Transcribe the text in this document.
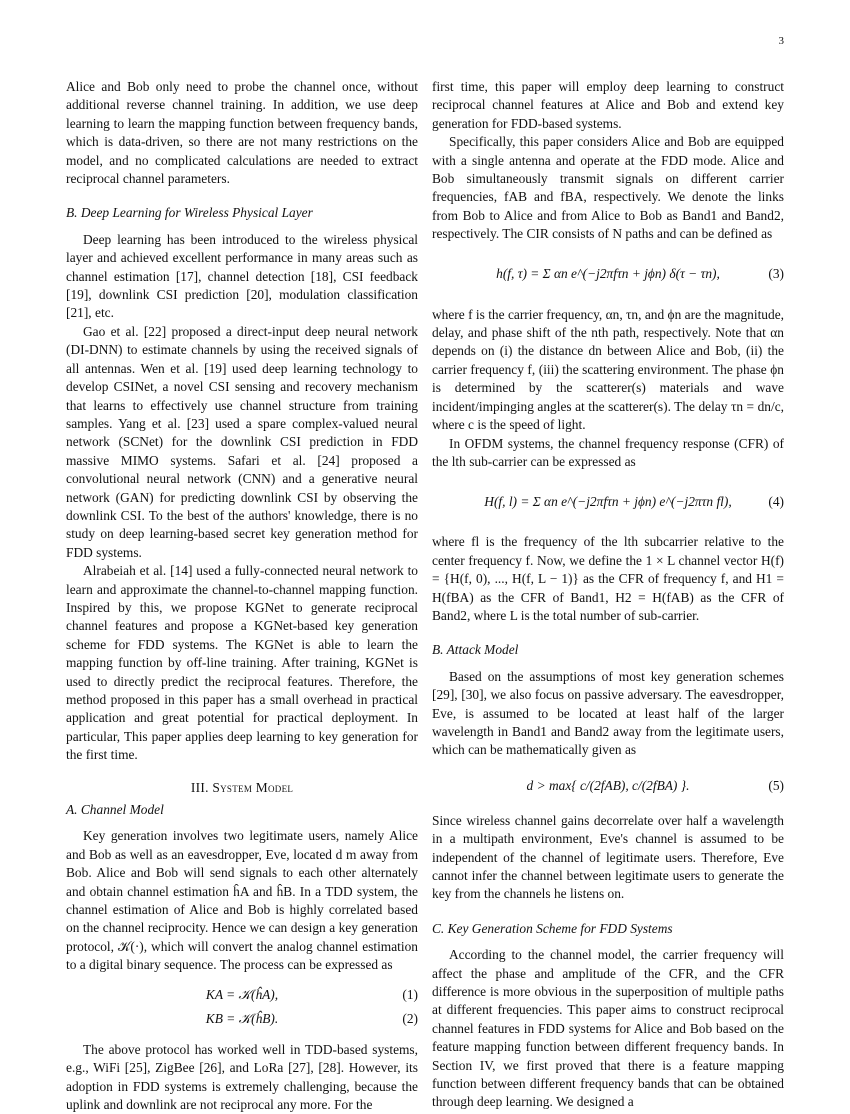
3

Alice and Bob only need to probe the channel once, without additional reverse channel training. In addition, we use deep learning to learn the mapping function between frequency bands, which is data-driven, so there are not many restrictions on the model, and no complicated calculations are needed to extract reciprocal channel parameters.

B. Deep Learning for Wireless Physical Layer

Deep learning has been introduced to the wireless physical layer and achieved excellent performance in many areas such as channel estimation [17], channel detection [18], CSI feedback [19], downlink CSI prediction [20], modulation classification [21], etc.

Gao et al. [22] proposed a direct-input deep neural network (DI-DNN) to estimate channels by using the received signals of all antennas. Wen et al. [19] used deep learning technology to develop CSINet, a novel CSI sensing and recovery mechanism that learns to effectively use channel structure from training samples. Yang et al. [23] used a spare complex-valued neural network (SCNet) for the downlink CSI prediction in FDD massive MIMO systems. Safari et al. [24] proposed a convolutional neural network (CNN) and a generative neural network (GAN) for predicting downlink CSI by observing the downlink CSI. To the best of the authors' knowledge, there is no study on deep learning-based secret key generation method for FDD systems.

Alrabeiah et al. [14] used a fully-connected neural network to learn and approximate the channel-to-channel mapping function. Inspired by this, we propose KGNet to generate reciprocal channel features and propose a KGNet-based key generation scheme for FDD systems. The KGNet is able to learn the mapping function by off-line training. After training, KGNet is used to directly predict the reciprocal features. Therefore, the method proposed in this paper has a small overhead in practical application and great potential for practical deployment. In particular, This paper applies deep learning to key generation for the first time.

III. System Model
A. Channel Model

Key generation involves two legitimate users, namely Alice and Bob as well as an eavesdropper, Eve, located d m away from Bob. Alice and Bob will send signals to each other alternately and obtain channel estimation ĥA and ĥB. In a TDD system, the channel estimation of Alice and Bob is highly correlated based on the channel reciprocity. Hence we can design a key generation protocol, 𝒦(·), which will convert the analog channel estimation to a digital binary sequence. The process can be expressed as

KA = 𝒦(ĥA),	(1)
KB = 𝒦(ĥB).	(2)

The above protocol has worked well in TDD-based systems, e.g., WiFi [25], ZigBee [26], and LoRa [27], [28]. However, its adoption in FDD systems is extremely challenging, because the uplink and downlink are not reciprocal any more. For the

first time, this paper will employ deep learning to construct reciprocal channel features at Alice and Bob and extend key generation for FDD-based systems.

Specifically, this paper considers Alice and Bob are equipped with a single antenna and operate at the FDD mode. Alice and Bob simultaneously transmit signals on different carrier frequencies, fAB and fBA, respectively. We denote the links from Bob to Alice and from Alice to Bob as Band1 and Band2, respectively. The CIR consists of N paths and can be defined as

h(f, τ) = Σ αn e^(−j2πfτn + jϕn) δ(τ − τn),	(3)

where f is the carrier frequency, αn, τn, and ϕn are the magnitude, delay, and phase shift of the nth path, respectively. Note that αn depends on (i) the distance dn between Alice and Bob, (ii) the carrier frequency f, (iii) the scattering environment. The phase ϕn is determined by the scatterer(s) materials and wave incident/impinging angles at the scatterer(s). The delay τn = dn/c, where c is the speed of light.

In OFDM systems, the channel frequency response (CFR) of the lth sub-carrier can be expressed as

H(f, l) = Σ αn e^(−j2πfτn + jϕn) e^(−j2πτn fl),	(4)

where fl is the frequency of the lth subcarrier relative to the center frequency f. Now, we define the 1 × L channel vector H(f) = {H(f, 0), ..., H(f, L − 1)} as the CFR of frequency f, and H1 = H(fBA) as the CFR of Band1, H2 = H(fAB) as the CFR of Band2, where L is the total number of sub-carrier.

B. Attack Model

Based on the assumptions of most key generation schemes [29], [30], we also focus on passive adversary. The eavesdropper, Eve, is assumed to be located at least half of the larger wavelength in Band1 and Band2 away from the legitimate users, which can be mathematically given as

d > max{ c/(2fAB), c/(2fBA) }.	(5)

Since wireless channel gains decorrelate over half a wavelength in a multipath environment, Eve's channel is assumed to be independent of the channel of legitimate users. Therefore, Eve cannot infer the channel between legitimate users to generate the key from the channels he listens on.

C. Key Generation Scheme for FDD Systems

According to the channel model, the carrier frequency will affect the phase and amplitude of the CFR, and the CFR difference is more obvious in the superposition of multiple paths at different frequencies. This paper aims to construct reciprocal channel features in FDD systems for Alice and Bob based on the feature mapping function between different frequency bands. In Section IV, we first proved that there is a feature mapping function between different frequency bands that can be obtained through deep learning. We designed a
